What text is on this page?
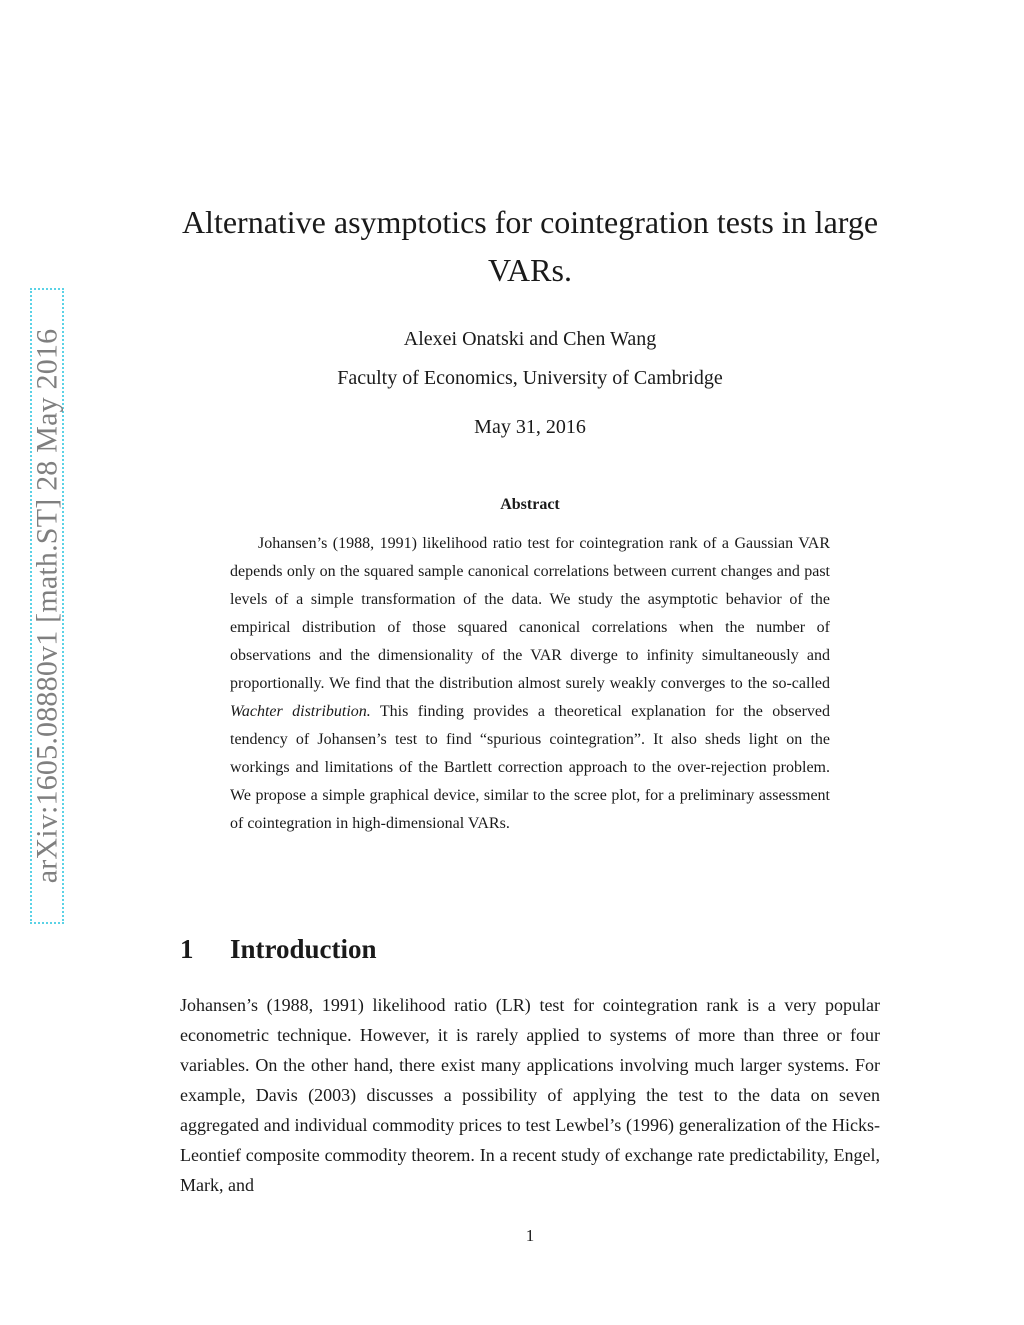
arXiv:1605.08880v1 [math.ST] 28 May 2016
Alternative asymptotics for cointegration tests in large VARs.
Alexei Onatski and Chen Wang
Faculty of Economics, University of Cambridge
May 31, 2016
Abstract

Johansen’s (1988, 1991) likelihood ratio test for cointegration rank of a Gaussian VAR depends only on the squared sample canonical correlations between current changes and past levels of a simple transformation of the data. We study the asymptotic behavior of the empirical distribution of those squared canonical correlations when the number of observations and the dimensionality of the VAR diverge to infinity simultaneously and proportionally. We find that the distribution almost surely weakly converges to the so-called Wachter distribution. This finding provides a theoretical explanation for the observed tendency of Johansen’s test to find “spurious cointegration”. It also sheds light on the workings and limitations of the Bartlett correction approach to the over-rejection problem. We propose a simple graphical device, similar to the scree plot, for a preliminary assessment of cointegration in high-dimensional VARs.

1 Introduction

Johansen’s (1988, 1991) likelihood ratio (LR) test for cointegration rank is a very popular econometric technique. However, it is rarely applied to systems of more than three or four variables. On the other hand, there exist many applications involving much larger systems. For example, Davis (2003) discusses a possibility of applying the test to the data on seven aggregated and individual commodity prices to test Lewbel’s (1996) generalization of the Hicks-Leontief composite commodity theorem. In a recent study of exchange rate predictability, Engel, Mark, and

1
